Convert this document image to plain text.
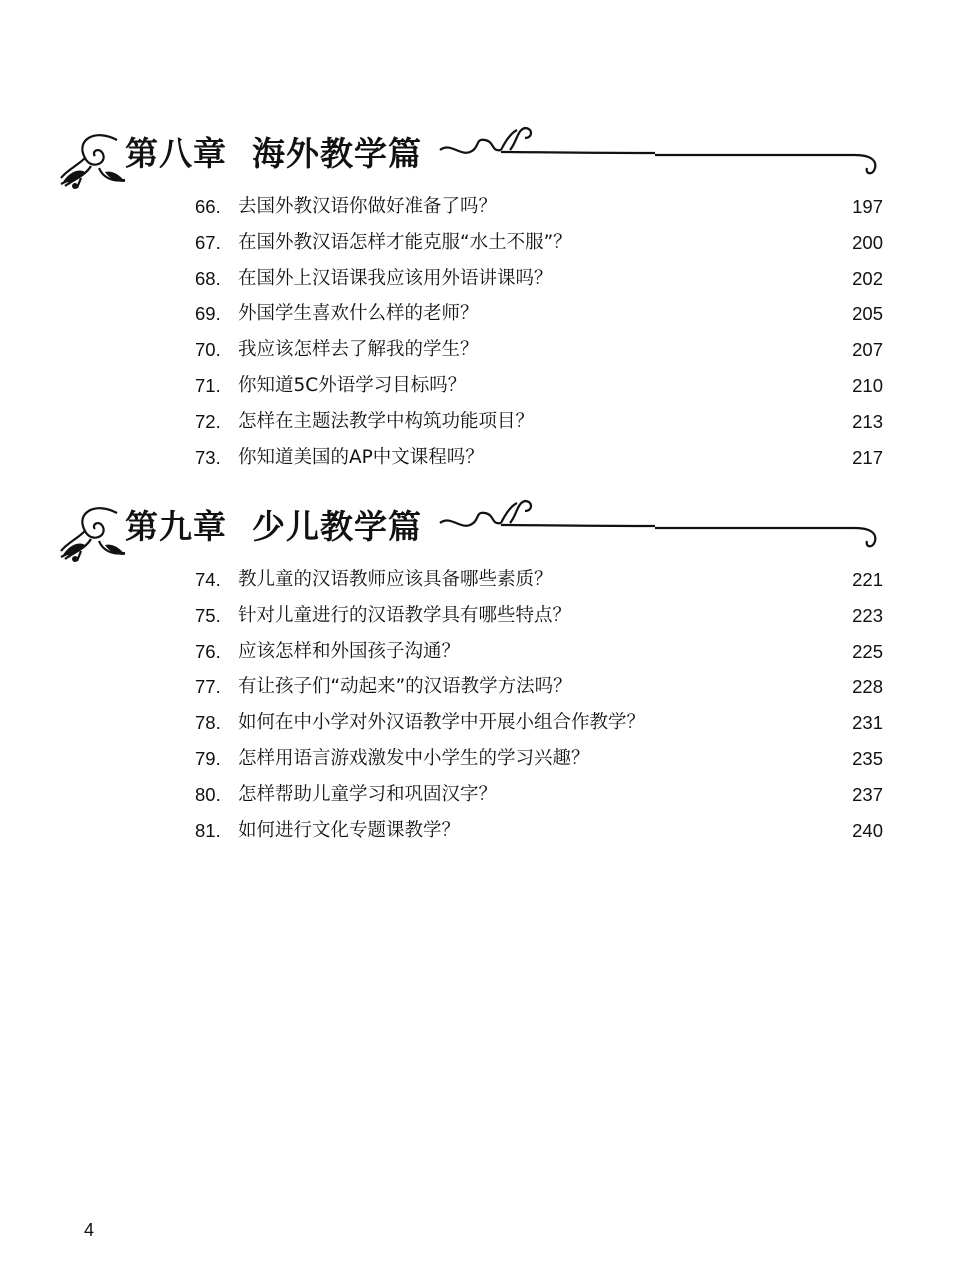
第八章  海外教学篇
66. 去国外教汉语你做好准备了吗？	197
67. 在国外教汉语怎样才能克服“水土不服”？	200
68. 在国外上汉语课我应该用外语讲课吗？	202
69. 外国学生喜欢什么样的老师？	205
70. 我应该怎样去了解我的学生？	207
71. 你知道5C外语学习目标吗？	210
72. 怎样在主题法教学中构筑功能项目？	213
73. 你知道美国的AP中文课程吗？	217
第九章  少儿教学篇
74. 教儿童的汉语教师应该具备哪些素质？	221
75. 针对儿童进行的汉语教学具有哪些特点？	223
76. 应该怎样和外国孩子沟通？	225
77. 有让孩子们“动起来”的汉语教学方法吗？	228
78. 如何在中小学对外汉语教学中开展小组合作教学？	231
79. 怎样用语言游戏激发中小学生的学习兴趣？	235
80. 怎样帮助儿童学习和巩固汉字？	237
81. 如何进行文化专题课教学？	240
4
